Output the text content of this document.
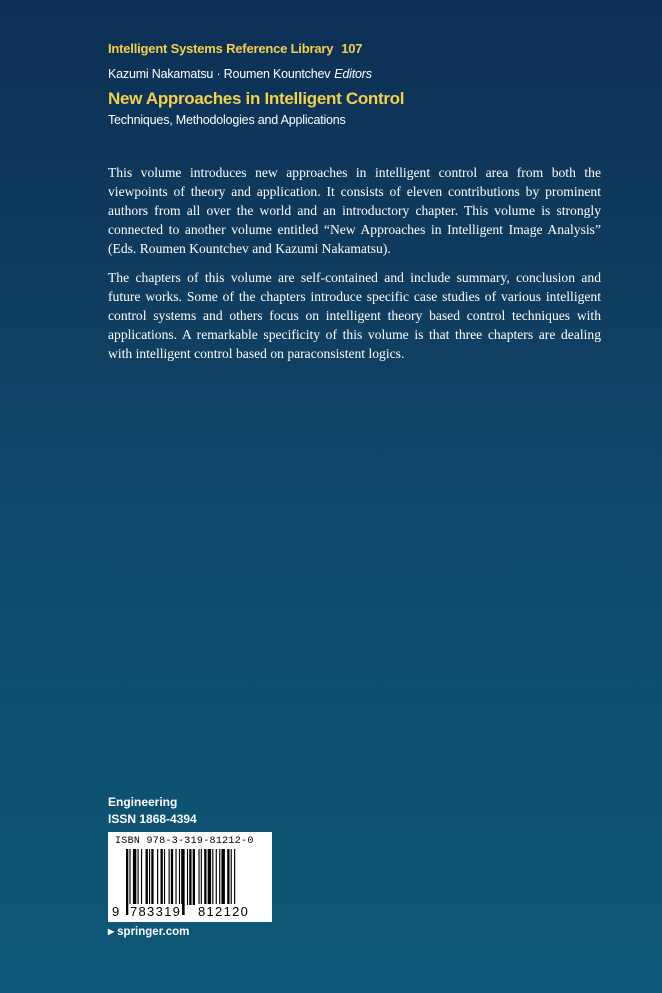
Intelligent Systems Reference Library 107
Kazumi Nakamatsu · Roumen Kountchev Editors
New Approaches in Intelligent Control
Techniques, Methodologies and Applications

This volume introduces new approaches in intelligent control area from both the viewpoints of theory and application. It consists of eleven contributions by prominent authors from all over the world and an introductory chapter. This volume is strongly connected to another volume entitled “New Approaches in Intelligent Image Analysis” (Eds. Roumen Kountchev and Kazumi Nakamatsu).

The chapters of this volume are self-contained and include summary, conclusion and future works. Some of the chapters introduce specific case studies of various intelligent control systems and others focus on intelligent theory based control techniques with applications. A remarkable specificity of this volume is that three chapters are dealing with intelligent control based on paraconsistent logics.

Engineering
ISSN 1868-4394
ISBN 978-3-319-81212-0
9 783319 812120
▶ springer.com
